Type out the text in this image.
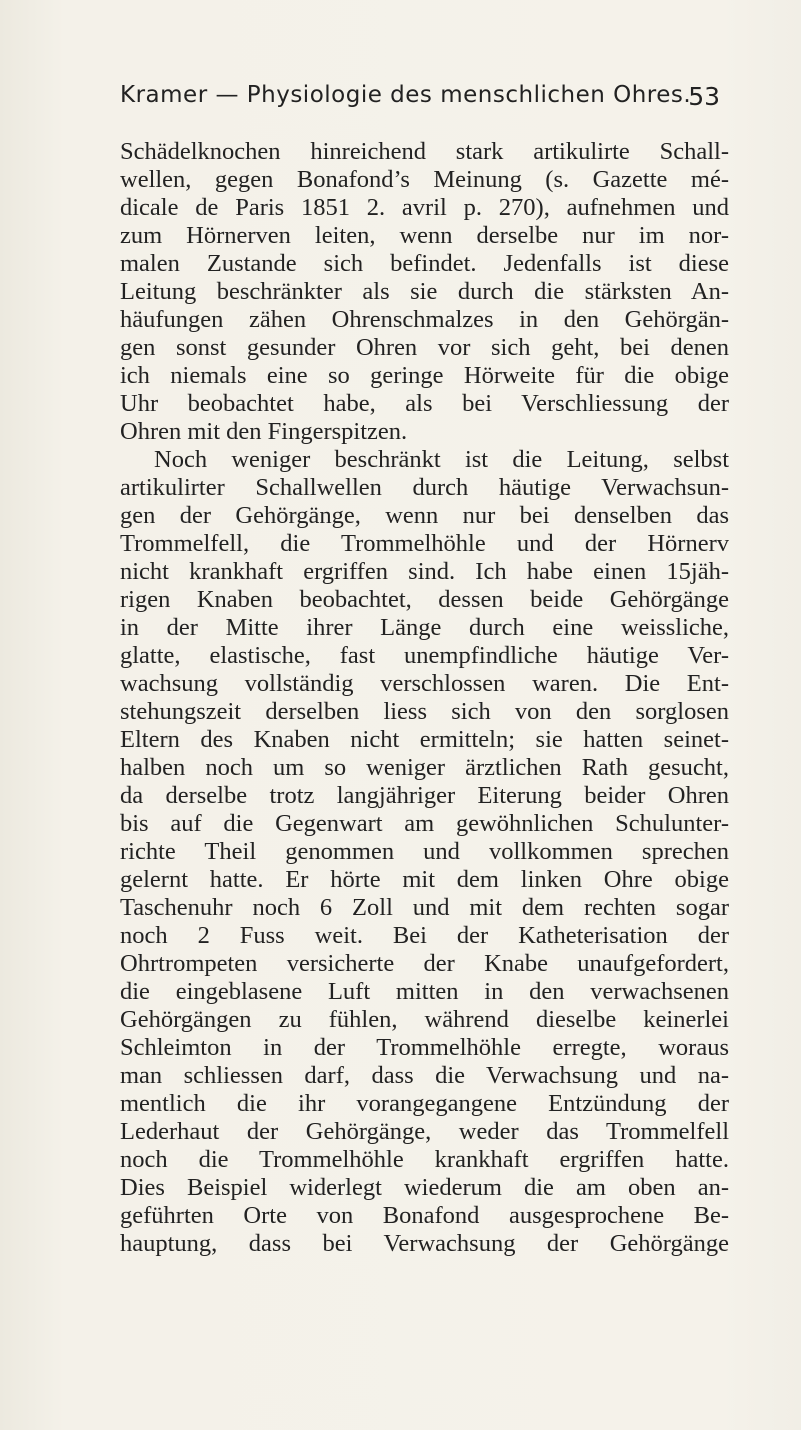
Kramer — Physiologie des menschlichen Ohres.
53
Schädelknochen hinreichend stark artikulirte Schall-
wellen, gegen Bonafond’s Meinung (s. Gazette mé-
dicale de Paris 1851 2. avril p. 270), aufnehmen und
zum Hörnerven leiten, wenn derselbe nur im nor-
malen Zustande sich befindet. Jedenfalls ist diese
Leitung beschränkter als sie durch die stärksten An-
häufungen zähen Ohrenschmalzes in den Gehörgän-
gen sonst gesunder Ohren vor sich geht, bei denen
ich niemals eine so geringe Hörweite für die obige
Uhr beobachtet habe, als bei Verschliessung der
Ohren mit den Fingerspitzen.
Noch weniger beschränkt ist die Leitung, selbst
artikulirter Schallwellen durch häutige Verwachsun-
gen der Gehörgänge, wenn nur bei denselben das
Trommelfell, die Trommelhöhle und der Hörnerv
nicht krankhaft ergriffen sind. Ich habe einen 15jäh-
rigen Knaben beobachtet, dessen beide Gehörgänge
in der Mitte ihrer Länge durch eine weissliche,
glatte, elastische, fast unempfindliche häutige Ver-
wachsung vollständig verschlossen waren. Die Ent-
stehungszeit derselben liess sich von den sorglosen
Eltern des Knaben nicht ermitteln; sie hatten seinet-
halben noch um so weniger ärztlichen Rath gesucht,
da derselbe trotz langjähriger Eiterung beider Ohren
bis auf die Gegenwart am gewöhnlichen Schulunter-
richte Theil genommen und vollkommen sprechen
gelernt hatte. Er hörte mit dem linken Ohre obige
Taschenuhr noch 6 Zoll und mit dem rechten sogar
noch 2 Fuss weit. Bei der Katheterisation der
Ohrtrompeten versicherte der Knabe unaufgefordert,
die eingeblasene Luft mitten in den verwachsenen
Gehörgängen zu fühlen, während dieselbe keinerlei
Schleimton in der Trommelhöhle erregte, woraus
man schliessen darf, dass die Verwachsung und na-
mentlich die ihr vorangegangene Entzündung der
Lederhaut der Gehörgänge, weder das Trommelfell
noch die Trommelhöhle krankhaft ergriffen hatte.
Dies Beispiel widerlegt wiederum die am oben an-
geführten Orte von Bonafond ausgesprochene Be-
hauptung, dass bei Verwachsung der Gehörgänge
